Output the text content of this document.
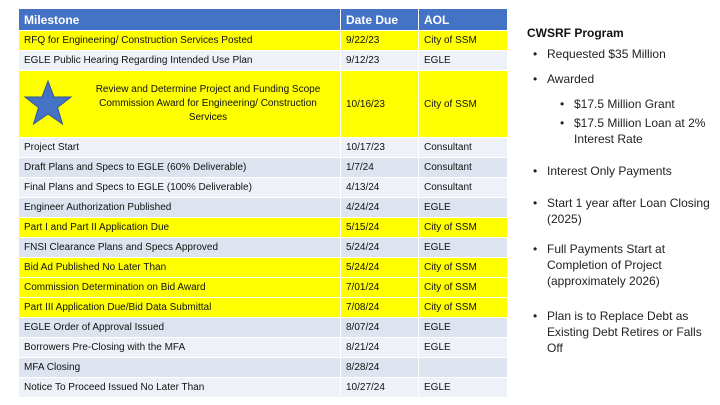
Milestone	Date Due	AOL
RFQ for Engineering/ Construction Services Posted	9/22/23	City of SSM
EGLE Public Hearing Regarding Intended Use Plan	9/12/23	EGLE

Review and Determine Project and Funding Scope Commission Award for Engineering/ Construction Services	10/16/23	City of SSM
Project Start	10/17/23	Consultant
Draft Plans and Specs to EGLE (60% Deliverable)	1/7/24	Consultant
Final Plans and Specs to EGLE (100% Deliverable)	4/13/24	Consultant
Engineer Authorization Published	4/24/24	EGLE
Part I and Part II Application Due	5/15/24	City of SSM
FNSI Clearance Plans and Specs Approved	5/24/24	EGLE
Bid Ad Published No Later Than	5/24/24	City of SSM
Commission Determination on Bid Award	7/01/24	City of SSM
Part III Application Due/Bid Data Submittal	7/08/24	City of SSM
EGLE Order of Approval Issued	8/07/24	EGLE
Borrowers Pre-Closing with the MFA	8/21/24	EGLE
MFA Closing	8/28/24	
Notice To Proceed Issued No Later Than	10/27/24	EGLE
CWSRF Program
• Requested $35 Million
• Awarded
• $17.5 Million Grant
• $17.5 Million Loan at 2% Interest Rate
• Interest Only Payments
• Start 1 year after Loan Closing (2025)
• Full Payments Start at Completion of Project (approximately 2026)
• Plan is to Replace Debt as Existing Debt Retires or Falls Off
